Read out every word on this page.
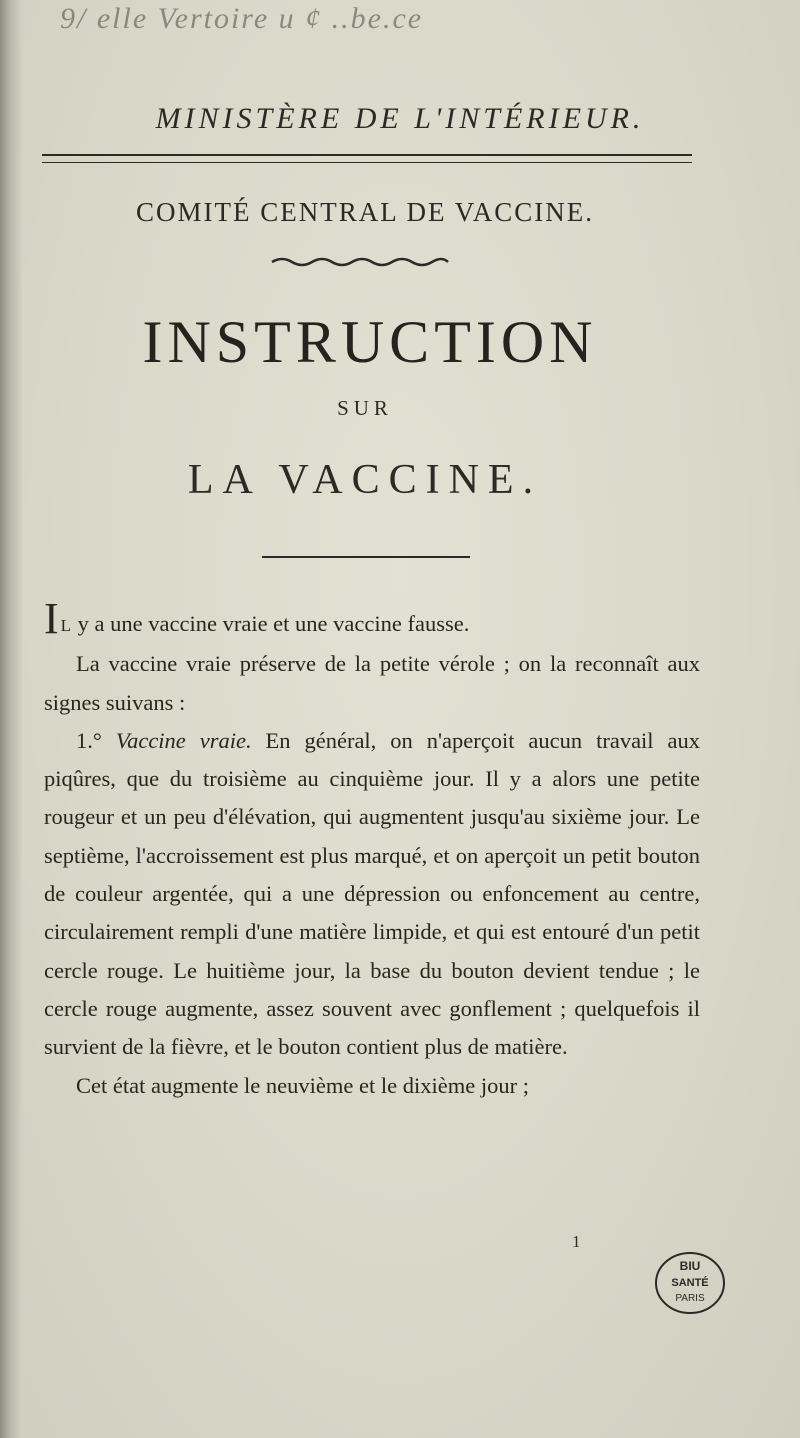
9/ elle Vertoire u ¢ ..be.ce
MINISTÈRE DE L'INTÉRIEUR.
COMITÉ CENTRAL DE VACCINE.
INSTRUCTION
SUR
LA VACCINE.

I L y a une vaccine vraie et une vaccine fausse.

La vaccine vraie préserve de la petite vérole ; on la reconnaît aux signes suivans :

1.° Vaccine vraie. En général, on n'aperçoit aucun travail aux piqûres, que du troisième au cinquième jour. Il y a alors une petite rougeur et un peu d'élévation, qui augmentent jusqu'au sixième jour. Le septième, l'accroissement est plus marqué, et on aperçoit un petit bouton de couleur argentée, qui a une dépression ou enfoncement au centre, circulairement rempli d'une matière limpide, et qui est entouré d'un petit cercle rouge. Le huitième jour, la base du bouton devient tendue ; le cercle rouge augmente, assez souvent avec gonflement ; quelquefois il survient de la fièvre, et le bouton contient plus de matière.

Cet état augmente le neuvième et le dixième jour ;

1
BIU
SANTÉ
PARIS
